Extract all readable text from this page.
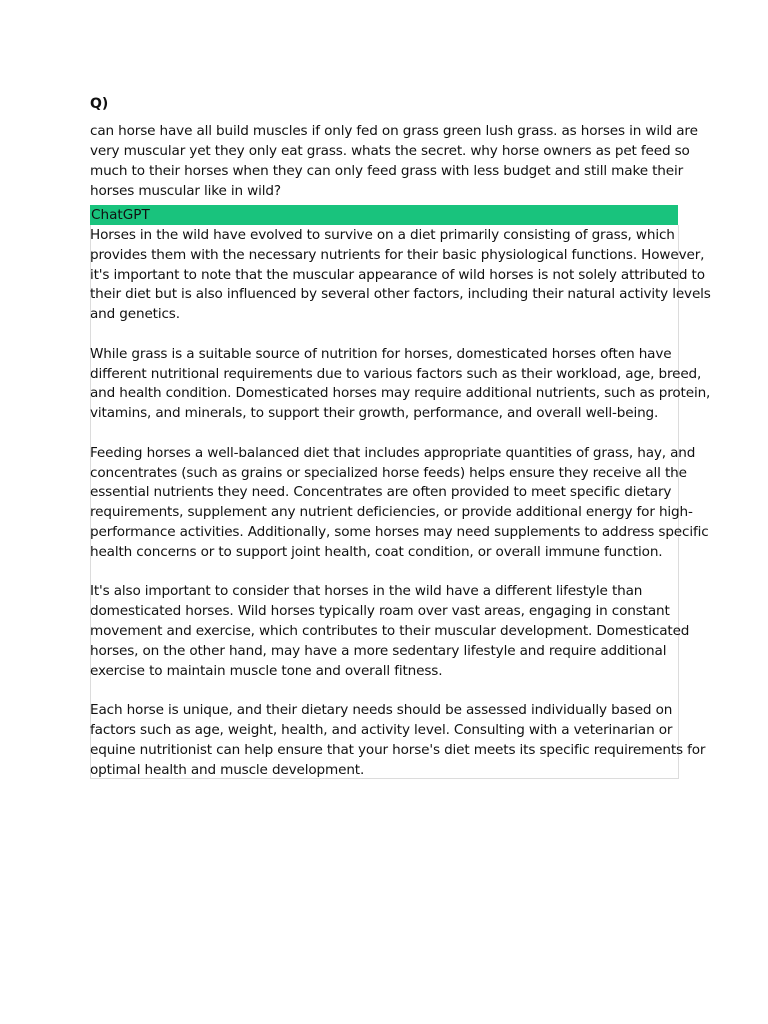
Q)

can horse have all build muscles if only fed on grass green lush grass. as horses in wild are
very muscular yet they only eat grass. whats the secret. why horse owners as pet feed so
much to their horses when they can only feed grass with less budget and still make their
horses muscular like in wild?
ChatGPT
Horses in the wild have evolved to survive on a diet primarily consisting of grass, which
provides them with the necessary nutrients for their basic physiological functions. However,
it's important to note that the muscular appearance of wild horses is not solely attributed to
their diet but is also influenced by several other factors, including their natural activity levels
and genetics.
While grass is a suitable source of nutrition for horses, domesticated horses often have
different nutritional requirements due to various factors such as their workload, age, breed,
and health condition. Domesticated horses may require additional nutrients, such as protein,
vitamins, and minerals, to support their growth, performance, and overall well-being.
Feeding horses a well-balanced diet that includes appropriate quantities of grass, hay, and
concentrates (such as grains or specialized horse feeds) helps ensure they receive all the
essential nutrients they need. Concentrates are often provided to meet specific dietary
requirements, supplement any nutrient deficiencies, or provide additional energy for high-
performance activities. Additionally, some horses may need supplements to address specific
health concerns or to support joint health, coat condition, or overall immune function.
It's also important to consider that horses in the wild have a different lifestyle than
domesticated horses. Wild horses typically roam over vast areas, engaging in constant
movement and exercise, which contributes to their muscular development. Domesticated
horses, on the other hand, may have a more sedentary lifestyle and require additional
exercise to maintain muscle tone and overall fitness.
Each horse is unique, and their dietary needs should be assessed individually based on
factors such as age, weight, health, and activity level. Consulting with a veterinarian or
equine nutritionist can help ensure that your horse's diet meets its specific requirements for
optimal health and muscle development.
